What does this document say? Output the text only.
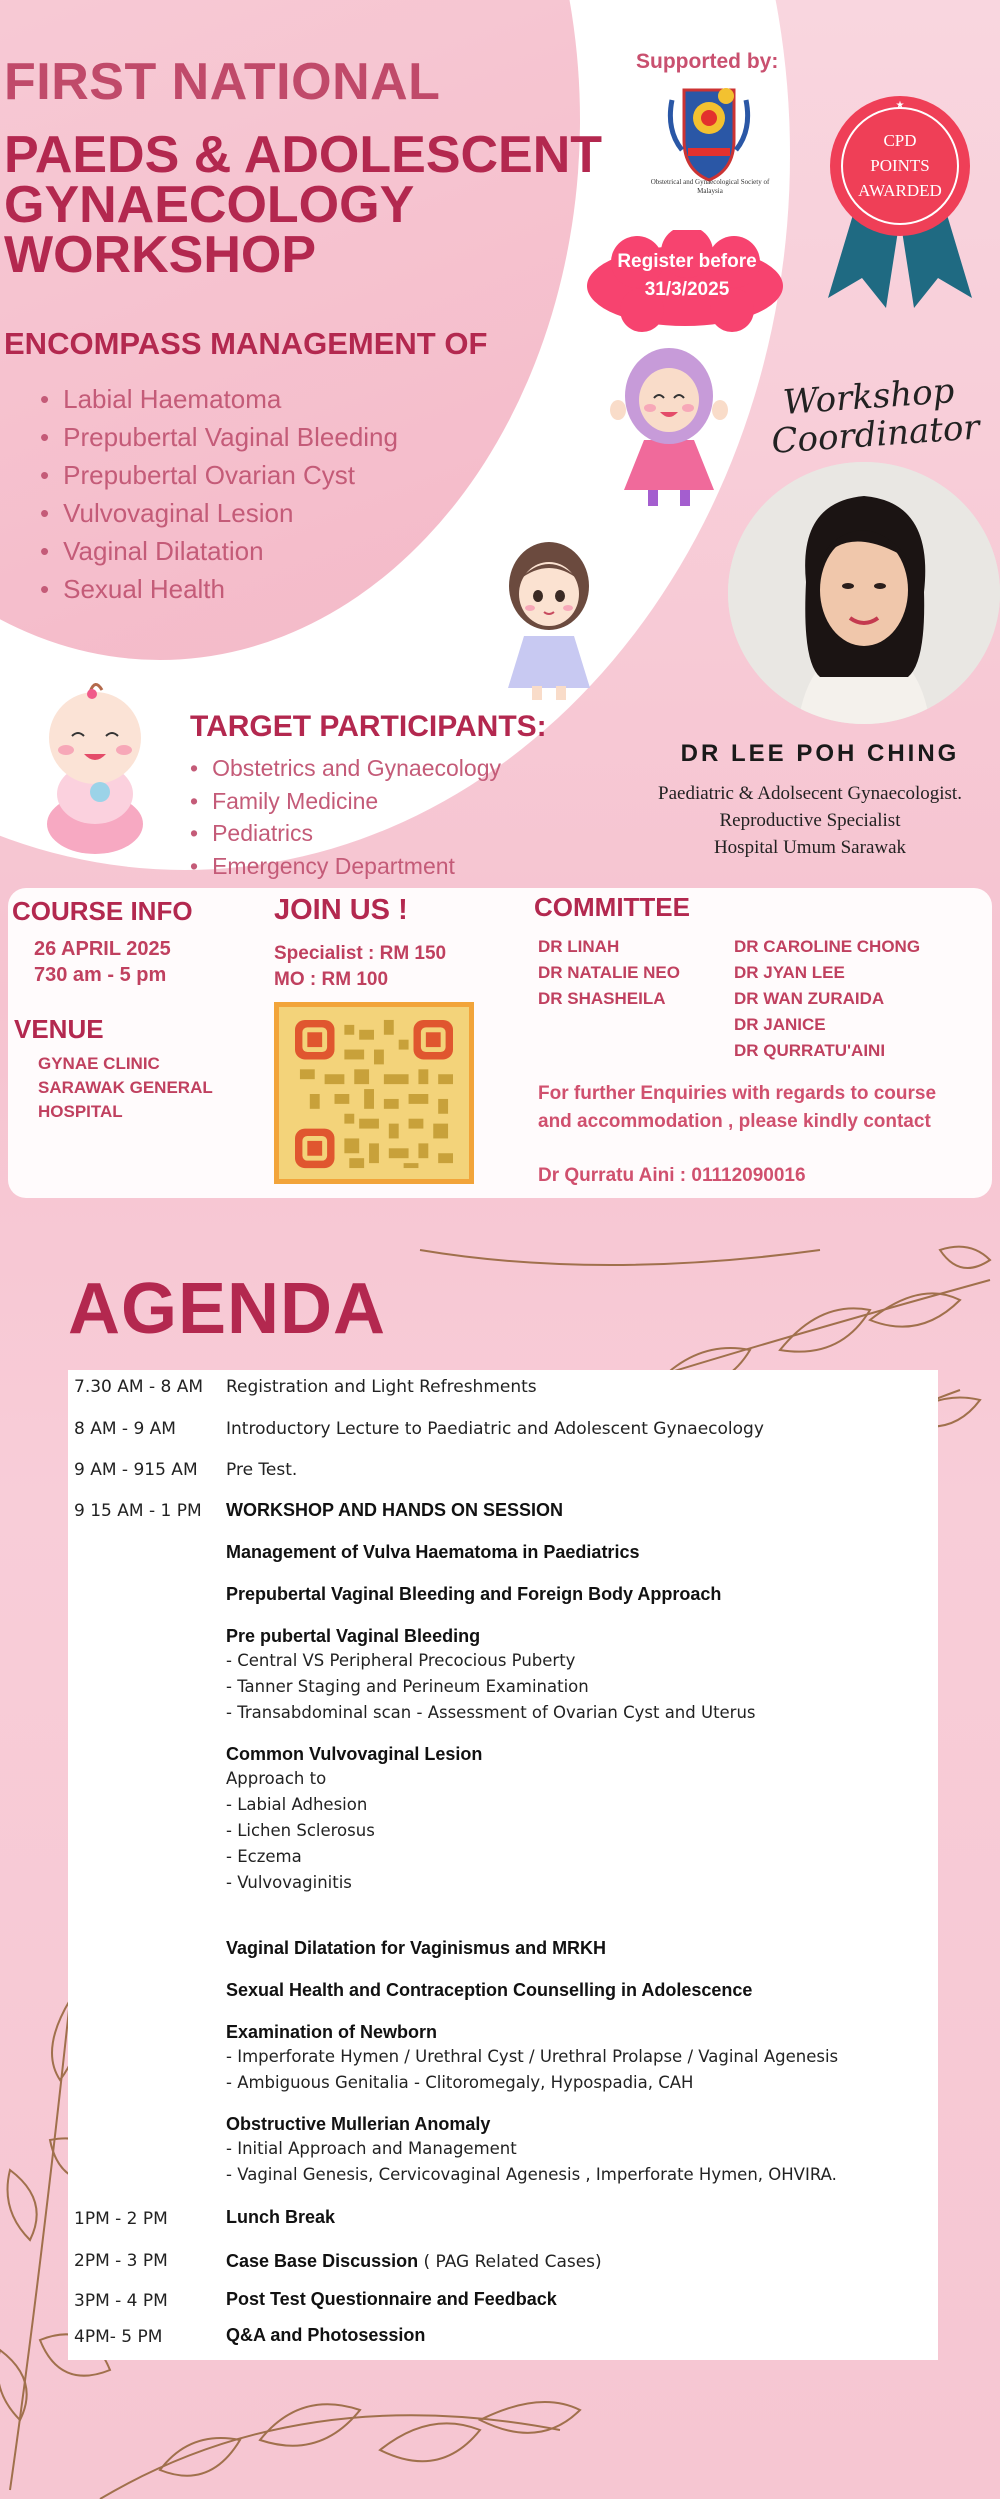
FIRST NATIONAL
PAEDS & ADOLESCENT GYNAECOLOGY WORKSHOP
ENCOMPASS MANAGEMENT OF
• Labial Haematoma
• Prepubertal Vaginal Bleeding
• Prepubertal Ovarian Cyst
• Vulvovaginal Lesion
• Vaginal Dilatation
• Sexual Health
Supported by:
Obstetrical and Gynaecological Society of Malaysia
Register before
31/3/2025
★
CPD
POINTS
AWARDED
Workshop
Coordinator
DR LEE POH CHING
Paediatric & Adolsecent Gynaecologist.
Reproductive Specialist
Hospital Umum Sarawak
TARGET PARTICIPANTS:
• Obstetrics and Gynaecology
• Family Medicine
• Pediatrics
• Emergency Department
COURSE INFO
26 APRIL 2025
730 am - 5 pm
VENUE
GYNAE CLINIC
SARAWAK GENERAL
HOSPITAL
JOIN US !
Specialist : RM 150
MO : RM 100
COMMITTEE
DR LINAH
DR NATALIE NEO
DR SHASHEILA
DR CAROLINE CHONG
DR JYAN LEE
DR WAN ZURAIDA
DR JANICE
DR QURRATU'AINI
For further Enquiries with regards to course
and accommodation , please kindly contact
Dr Qurratu Aini : 01112090016
AGENDA
7.30 AM - 8 AM Registration and Light Refreshments
8 AM - 9 AM	Introductory Lecture to Paediatric and Adolescent Gynaecology
9 AM - 915 AM Pre Test.
9 15 AM - 1 PM WORKSHOP AND HANDS ON SESSION
Management of Vulva Haematoma in Paediatrics
Prepubertal Vaginal Bleeding and Foreign Body Approach
Pre pubertal Vaginal Bleeding
- Central VS Peripheral Precocious Puberty
- Tanner Staging and Perineum Examination
- Transabdominal scan - Assessment of Ovarian Cyst and Uterus
Common Vulvovaginal Lesion
Approach to
- Labial Adhesion
- Lichen Sclerosus
- Eczema
- Vulvovaginitis
Vaginal Dilatation for Vaginismus and MRKH
Sexual Health and Contraception Counselling in Adolescence
Examination of Newborn
- Imperforate Hymen / Urethral Cyst / Urethral Prolapse / Vaginal Agenesis
- Ambiguous Genitalia - Clitoromegaly, Hypospadia, CAH
Obstructive Mullerian Anomaly
- Initial Approach and Management
- Vaginal Genesis, Cervicovaginal Agenesis , Imperforate Hymen, OHVIRA.
1PM - 2 PM	Lunch Break
2PM - 3 PM	Case Base Discussion ( PAG Related Cases)
3PM - 4 PM	Post Test Questionnaire and Feedback
4PM- 5 PM	Q&A and Photosession
